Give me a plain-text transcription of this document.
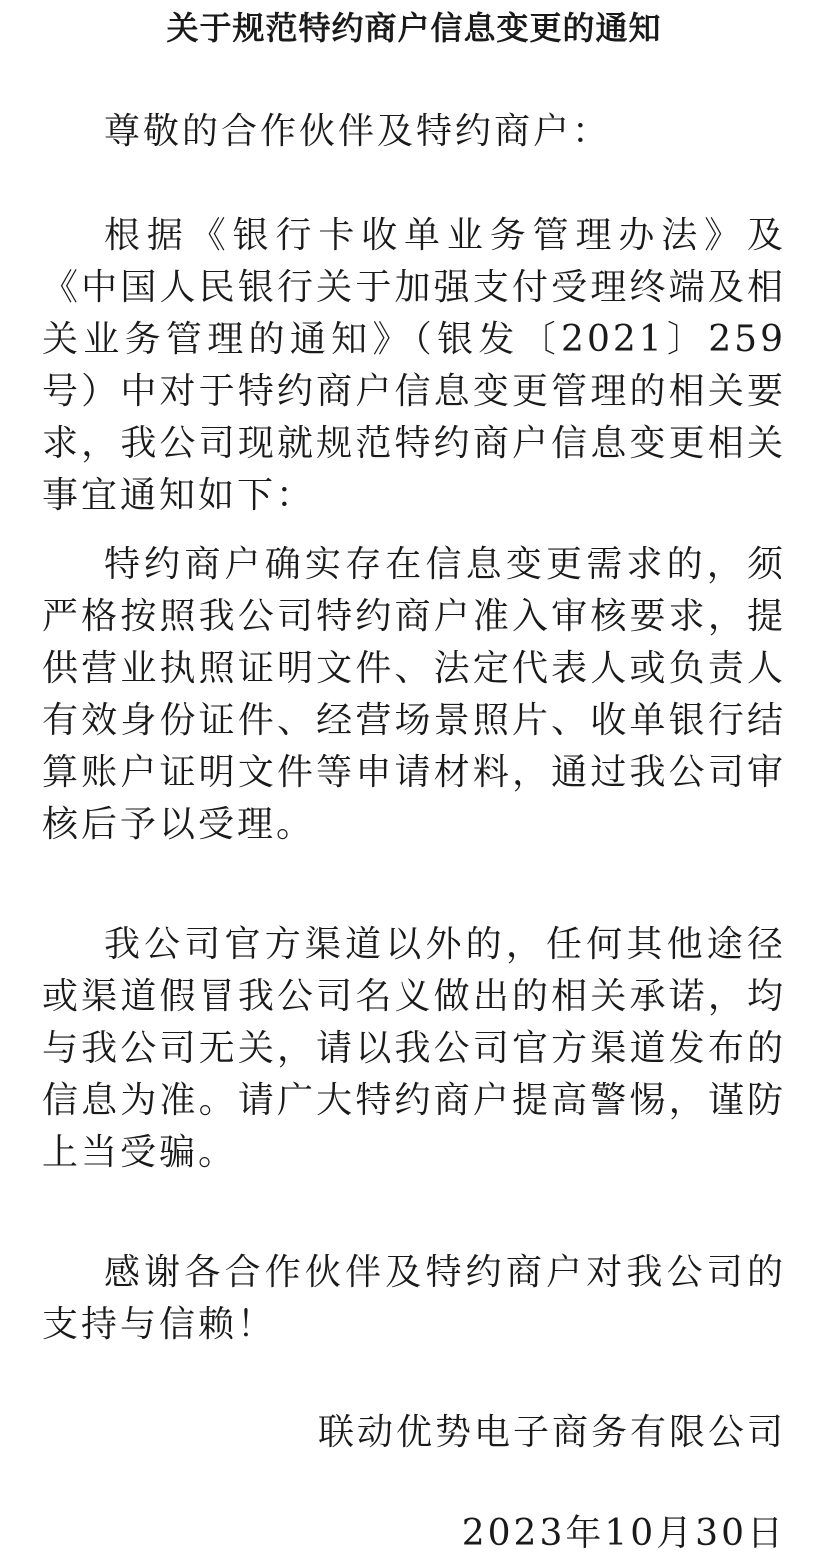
关于规范特约商户信息变更的通知

尊敬的合作伙伴及特约商户：

根据《银行卡收单业务管理办法》及《中国人民银行关于加强支付受理终端及相关业务管理的通知》（银发〔2021〕259号）中对于特约商户信息变更管理的相关要求，我公司现就规范特约商户信息变更相关事宜通知如下：

特约商户确实存在信息变更需求的，须严格按照我公司特约商户准入审核要求，提供营业执照证明文件、法定代表人或负责人有效身份证件、经营场景照片、收单银行结算账户证明文件等申请材料，通过我公司审核后予以受理。

我公司官方渠道以外的，任何其他途径或渠道假冒我公司名义做出的相关承诺，均与我公司无关，请以我公司官方渠道发布的信息为准。请广大特约商户提高警惕，谨防上当受骗。

感谢各合作伙伴及特约商户对我公司的支持与信赖！

联动优势电子商务有限公司

2023年10月30日
